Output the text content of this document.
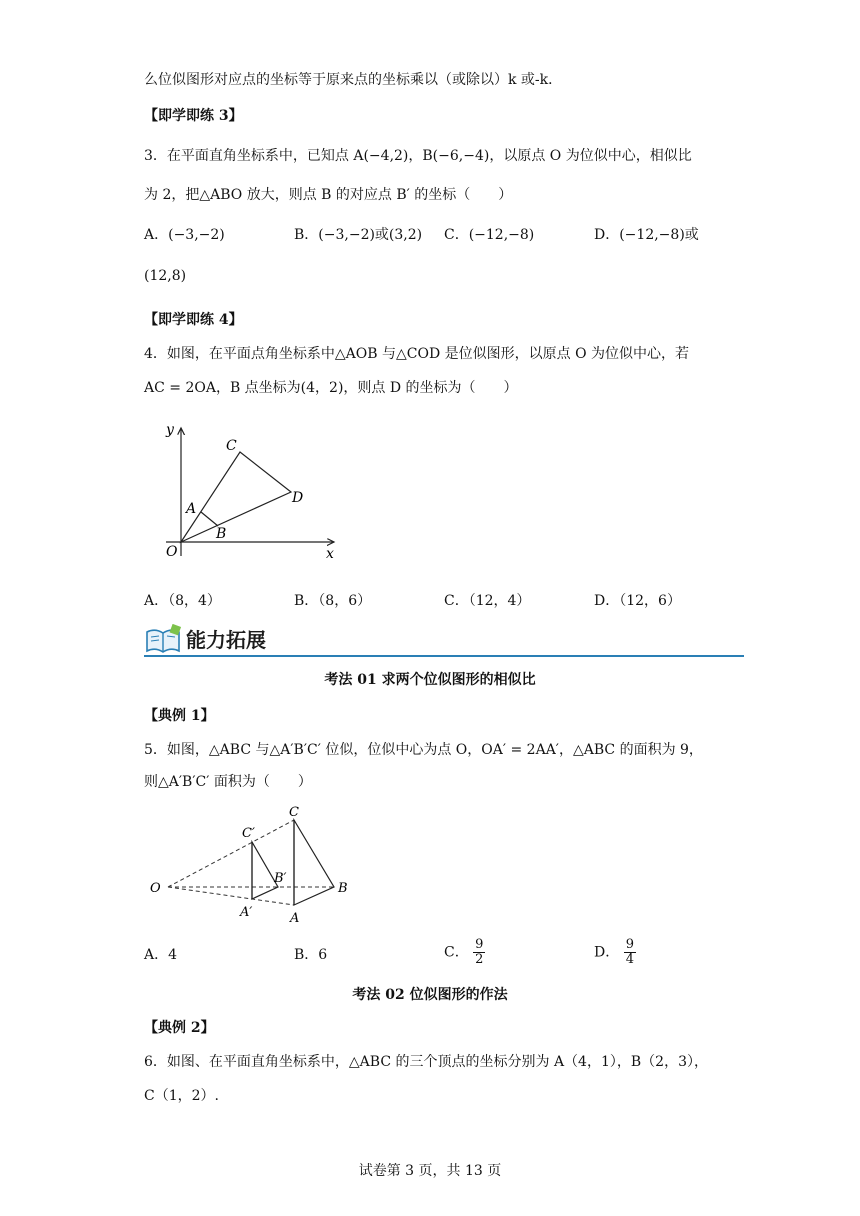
么位似图形对应点的坐标等于原来点的坐标乘以（或除以）k 或-k．
【即学即练 3】
3．在平面直角坐标系中，已知点 A(−4,2)，B(−6,−4)，以原点 O 为位似中心，相似比
为 2，把△ABO 放大，则点 B 的对应点 B′ 的坐标（　　）
A．(−3,−2)	B．(−3,−2)或(3,2) C．(−12,−8)	D．(−12,−8)或
(12,8)
【即学即练 4】
4．如图，在平面点角坐标系中△AOB 与△COD 是位似图形，以原点 O 为位似中心，若
AC = 2OA，B 点坐标为(4，2)，则点 D 的坐标为（　　）
y
x
O
A
B
C
D
A．（8，4）	B．（8，6）	C．（12，4）	D．（12，6）
能力拓展
考法 01 求两个位似图形的相似比
【典例 1】
5．如图，△ABC 与△A′B′C′ 位似，位似中心为点 O，OA′ = 2AA′，△ABC 的面积为 9，
则△A′B′C′ 面积为（　　）
O
C
B
A
C′
B′
A′
A．4	B．6	C． $\frac{9}{2}$	D． $\frac{9}{4}$
考法 02 位似图形的作法
【典例 2】
6．如图、在平面直角坐标系中，△ABC 的三个顶点的坐标分别为 A（4，1），B（2，3），
C（1，2）.
试卷第 3 页，共 13 页
